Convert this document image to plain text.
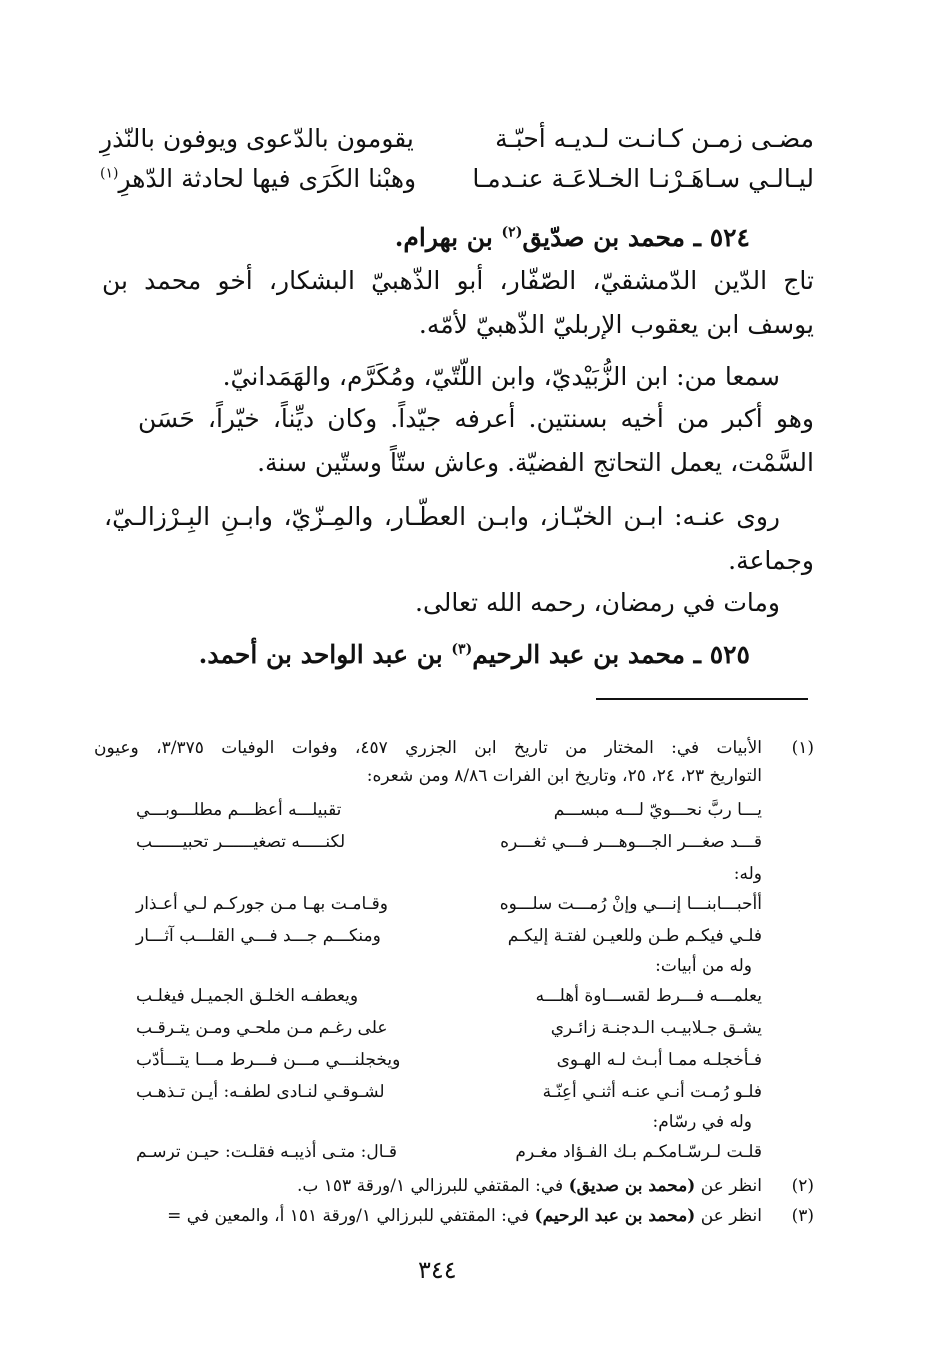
مضـى زمـن كـانـت لـديـه أحبّـة
يقومون بالدّعوى ويوفون بالنّذرِ
ليـالـي سـاهَـرْنـا الخـلاعَـة عنـدمـا
وهبْنا الكَرَى فيها لحادثة الدّهرِ$^{(١)}$
٥٢٤ ـ محمد بن صدّيق$^{(٢)}$ بن بهرام.
تاج الدّين الدّمشقيّ، الصّفّار، أبو الذّهبيّ البشكار، أخو محمد بن
يوسف ابن يعقوب الإربليّ الذّهبيّ لأمّه.
سمعا من: ابن الزُّبَيْديّ، وابن اللّتّيّ، ومُكَرَّم، والهَمَدانيّ.
وهو أكبر من أخيه بسنتين. أعرفه جيّداً. وكان ديِّناً، خيّراً، حَسَن
السَّمْت، يعمل التحاتج الفضيّة. وعاش ستّاً وستّين سنة.
روى عنـه: ابـن الخبّـاز، وابـن العطّـار، والمِـزّيّ، وابـنِ البِـرْزالـيّ،
وجماعة.
ومات في رمضان، رحمه الله تعالى.
٥٢٥ ـ محمد بن عبد الرحيم$^{(٣)}$ بن عبد الواحد بن أحمد.
(١)
الأبيات في: المختار من تاريخ ابن الجزري ٤٥٧، وفوات الوفيات ٣/٣٧٥، وعيون
التواريخ ٢٣، ٢٤، ٢٥، وتاريخ ابن الفرات ٨/٨٦ ومن شعره:
يـــا ربَّ نحـــويّ لـــه مبســـم
تقبيلـــه أعظـــم مطلـــوبـــي
قـــد صغـــر الجـــوهـــر فـــي ثغـــره
لكنـــــه تصغيــــــر تحبيــــــب
وله:
أأحبـــابنـــا إنـــي وإنْ رُمـــت سلـــوه
وقـامـت بهـا مـن جوركـم لـي أعـذار
فلـي فيكـم طـن وللعيـن لفتـة إليكـم
ومنكـــم جـــد فـــي القلـــب آثـــار
وله من أبيات:
يعلمـــه فـــرط لقســـاوة أهلـــه
ويعطفـه الخلـق الجميـل فيغلـب
يشـق جـلابيـب الـدجنـة زائـري
على رغـم مـن ملحـي ومـن يتـرقـب
فـأخجلـه ممـا أبـث لـه الهـوى
ويخجلنـــي مـــن فـــرط مـــا يتـــأدّب
فلـو رُمـت أنـي عنـه أثنـي أعِنّـة
لشـوقـي لنـادى لطفـه: أيـن تـذهـب
وله في رسّام:
قلـت لـرسّـامكـم بـك الفـؤاد مغـرم
قـال: متـى أذيبـه فقلـت: حيـن ترسـم
(٢)
انظر عن (محمد بن صديق) في: المقتفي للبرزالي ١/ورقة ١٥٣ ب.
(٣)
انظر عن (محمد بن عبد الرحيم) في: المقتفي للبرزالي ١/ورقة ١٥١ أ، والمعين في =
٣٤٤
